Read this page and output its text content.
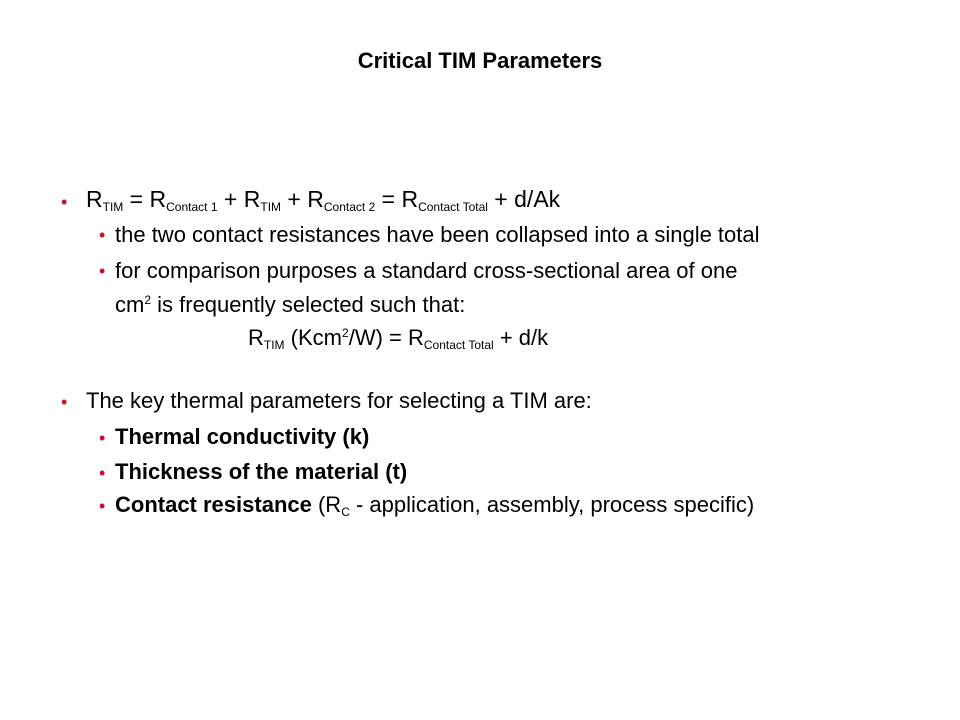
Critical TIM Parameters
• $R_{TIM} = R_{Contact 1} + R_{TIM} + R_{Contact 2} = R_{Contact Total} + d/Ak$
• the two contact resistances have been collapsed into a single total
• for comparison purposes a standard cross-sectional area of one
$cm^2$ is frequently selected such that:
$R_{TIM}$ $(Kcm^2/W) = R_{Contact Total} + d/k$
• The key thermal parameters for selecting a TIM are:
• Thermal conductivity (k)
• Thickness of the material (t)
• Contact resistance ($R_C$ - application, assembly, process specific)
